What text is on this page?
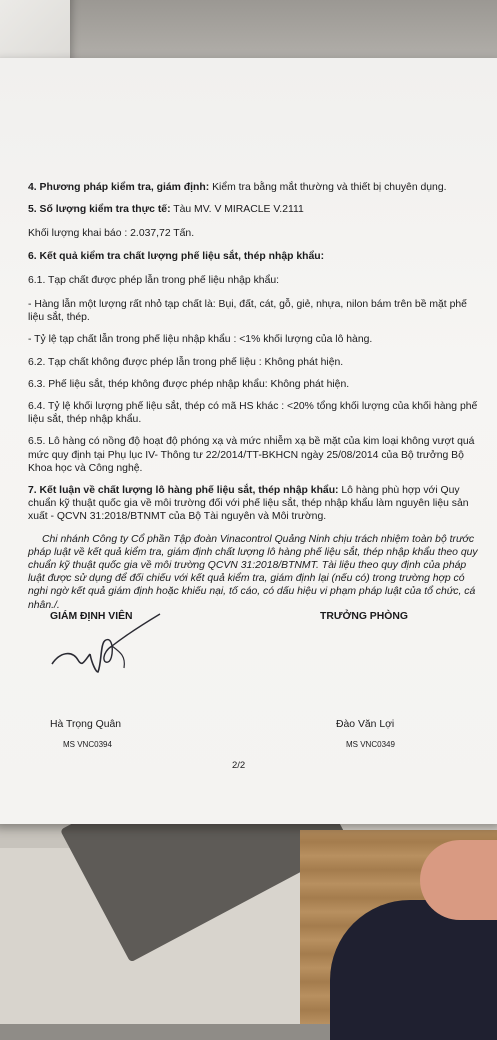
4. Phương pháp kiểm tra, giám định: Kiểm tra bằng mắt thường và thiết bị chuyên dụng.

5. Số lượng kiểm tra thực tế: Tàu MV. V MIRACLE V.2111

Khối lượng khai báo : 2.037,72 Tấn.

6. Kết quả kiểm tra chất lượng phế liệu sắt, thép nhập khẩu:

6.1. Tạp chất được phép lẫn trong phế liệu nhập khẩu:

- Hàng lẫn một lượng rất nhỏ tạp chất là: Bụi, đất, cát, gỗ, giẻ, nhựa, nilon bám trên bề mặt phế liệu sắt, thép.

- Tỷ lệ tạp chất lẫn trong phế liệu nhập khẩu : <1% khối lượng của lô hàng.

6.2. Tạp chất không được phép lẫn trong phế liệu : Không phát hiện.

6.3. Phế liệu sắt, thép không được phép nhập khẩu: Không phát hiện.

6.4. Tỷ lệ khối lượng phế liệu sắt, thép có mã HS khác : <20% tổng khối lượng của khối hàng phế liệu sắt, thép nhập khẩu.

6.5. Lô hàng có nồng độ hoạt độ phóng xạ và mức nhiễm xạ bề mặt của kim loại không vượt quá mức quy định tại Phụ lục IV- Thông tư 22/2014/TT-BKHCN ngày 25/08/2014 của Bộ trưởng Bộ Khoa học và Công nghệ.

7. Kết luận về chất lượng lô hàng phế liệu sắt, thép nhập khẩu: Lô hàng phù hợp với Quy chuẩn kỹ thuật quốc gia về môi trường đối với phế liệu sắt, thép nhập khẩu làm nguyên liệu sản xuất - QCVN 31:2018/BTNMT của Bộ Tài nguyên và Môi trường.

Chi nhánh Công ty Cổ phần Tập đoàn Vinacontrol Quảng Ninh chịu trách nhiệm toàn bộ trước pháp luật về kết quả kiểm tra, giám định chất lượng lô hàng phế liệu sắt, thép nhập khẩu theo quy chuẩn kỹ thuật quốc gia về môi trường QCVN 31:2018/BTNMT. Tài liệu theo quy định của pháp luật được sử dụng để đối chiếu với kết quả kiểm tra, giám định lại (nếu có) trong trường hợp có nghi ngờ kết quả giám định hoặc khiếu nại, tố cáo, có dấu hiệu vi phạm pháp luật của tổ chức, cá nhân./.

GIÁM ĐỊNH VIÊN	TRƯỞNG PHÒNG
Hà Trọng Quân	Đào Văn Lợi
MS VNC0394	MS VNC0349
2/2
